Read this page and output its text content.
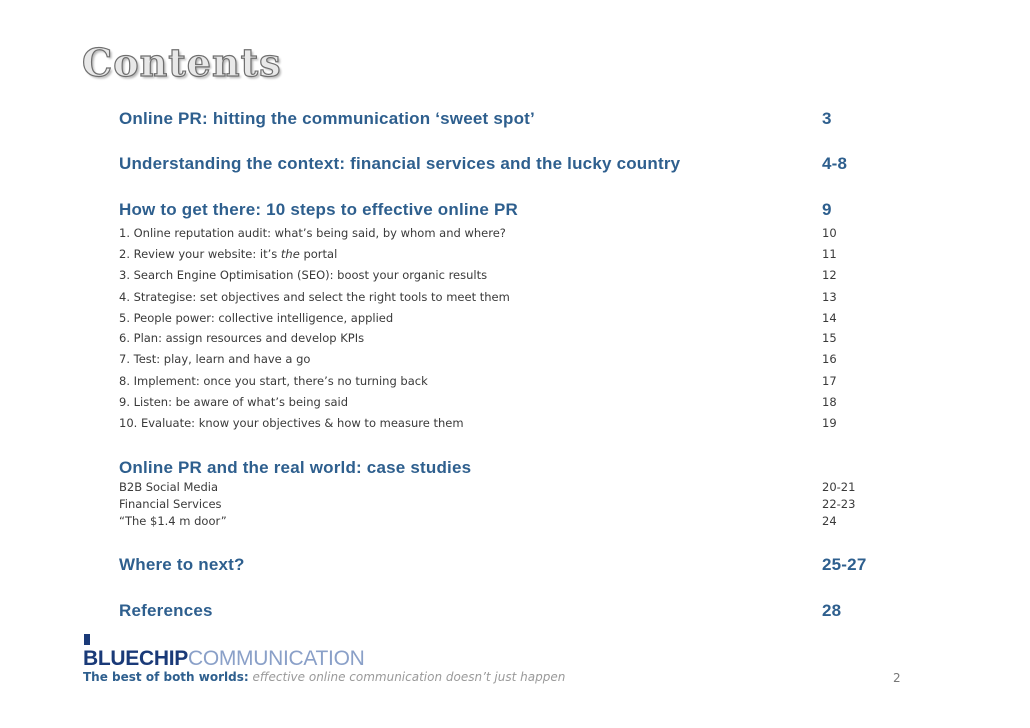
Contents
Online PR: hitting the communication ‘sweet spot’	3
Understanding the context: financial services and the lucky country	4-8
How to get there: 10 steps to effective online PR	9
1. Online reputation audit: what’s being said, by whom and where?	10
2. Review your website: it’s the portal	11
3. Search Engine Optimisation (SEO): boost your organic results	12
4. Strategise: set objectives and select the right tools to meet them	13
5. People power: collective intelligence, applied	14
6. Plan: assign resources and develop KPIs	15
7. Test: play, learn and have a go	16
8. Implement: once you start, there’s no turning back	17
9. Listen: be aware of what’s being said	18
10. Evaluate: know your objectives & how to measure them	19
Online PR and the real world: case studies
B2B Social Media	20-21
Financial Services	22-23
“The $1.4 m door”	24
Where to next?	25-27
References	28
BLUECHIPCOMMUNICATION
The best of both worlds: effective online communication doesn’t just happen	2
